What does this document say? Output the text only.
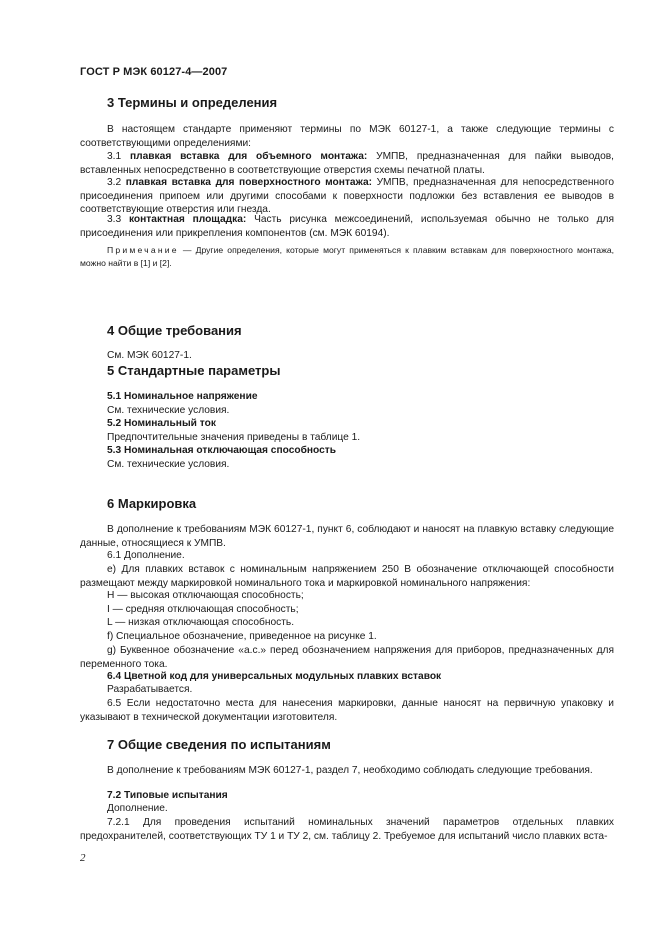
ГОСТ Р МЭК 60127-4—2007
3 Термины и определения
В настоящем стандарте применяют термины по МЭК 60127-1, а также следующие термины с соответствующими определениями:
3.1 плавкая вставка для объемного монтажа: УМПВ, предназначенная для пайки выводов, вставленных непосредственно в соответствующие отверстия схемы печатной платы.
3.2 плавкая вставка для поверхностного монтажа: УМПВ, предназначенная для непосредственного присоединения припоем или другими способами к поверхности подложки без вставления ее выводов в соответствующие отверстия или гнезда.
3.3 контактная площадка: Часть рисунка межсоединений, используемая обычно не только для присоединения или прикрепления компонентов (см. МЭК 60194).
Примечание — Другие определения, которые могут применяться к плавким вставкам для поверхностного монтажа, можно найти в [1] и [2].
4 Общие требования
См. МЭК 60127-1.
5 Стандартные параметры
5.1 Номинальное напряжение
См. технические условия.
5.2 Номинальный ток
Предпочтительные значения приведены в таблице 1.
5.3 Номинальная отключающая способность
См. технические условия.
6 Маркировка
В дополнение к требованиям МЭК 60127-1, пункт 6, соблюдают и наносят на плавкую вставку следующие данные, относящиеся к УМПВ.
6.1 Дополнение.
е) Для плавких вставок с номинальным напряжением 250 В обозначение отключающей способности размещают между маркировкой номинального тока и маркировкой номинального напряжения:
Н — высокая отключающая способность;
I — средняя отключающая способность;
L — низкая отключающая способность.
f) Специальное обозначение, приведенное на рисунке 1.
g) Буквенное обозначение «а.с.» перед обозначением напряжения для приборов, предназначенных для переменного тока.
6.4 Цветной код для универсальных модульных плавких вставок
Разрабатывается.
6.5 Если недостаточно места для нанесения маркировки, данные наносят на первичную упаковку и указывают в технической документации изготовителя.
7 Общие сведения по испытаниям
В дополнение к требованиям МЭК 60127-1, раздел 7, необходимо соблюдать следующие требования.
7.2 Типовые испытания
Дополнение.
7.2.1 Для проведения испытаний номинальных значений параметров отдельных плавких предохранителей, соответствующих ТУ 1 и ТУ 2, см. таблицу 2. Требуемое для испытаний число плавких вста-
2
